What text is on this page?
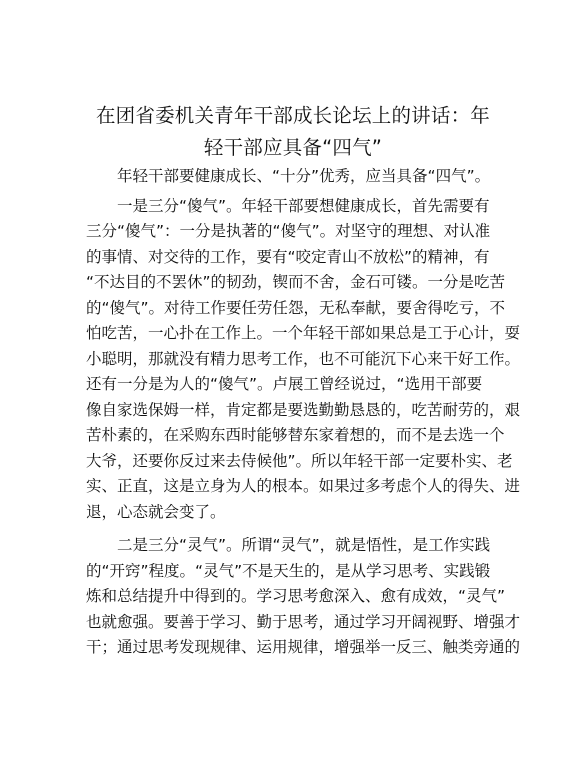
在团省委机关青年干部成长论坛上的讲话：年
轻干部应具备“四气”
　　年轻干部要健康成长、“十分”优秀，应当具备“四气”。
　　一是三分“傻气”。年轻干部要想健康成长，首先需要有
三分“傻气”：一分是执著的“傻气”。对坚守的理想、对认准
的事情、对交待的工作，要有“咬定青山不放松”的精神，有
“不达目的不罢休”的韧劲，锲而不舍，金石可镂。一分是吃苦
的“傻气”。对待工作要任劳任怨，无私奉献，要舍得吃亏，不
怕吃苦，一心扑在工作上。一个年轻干部如果总是工于心计，耍
小聪明，那就没有精力思考工作，也不可能沉下心来干好工作。
还有一分是为人的“傻气”。卢展工曾经说过，“选用干部要
像自家选保姆一样，肯定都是要选勤勤恳恳的，吃苦耐劳的，艰
苦朴素的，在采购东西时能够替东家着想的，而不是去选一个
大爷，还要你反过来去侍候他”。所以年轻干部一定要朴实、老
实、正直，这是立身为人的根本。如果过多考虑个人的得失、进
退，心态就会变了。
　　二是三分“灵气”。所谓“灵气”，就是悟性，是工作实践
的“开窍”程度。“灵气”不是天生的，是从学习思考、实践锻
炼和总结提升中得到的。学习思考愈深入、愈有成效，“灵气”
也就愈强。要善于学习、勤于思考，通过学习开阔视野、增强才
干；通过思考发现规律、运用规律，增强举一反三、触类旁通的
